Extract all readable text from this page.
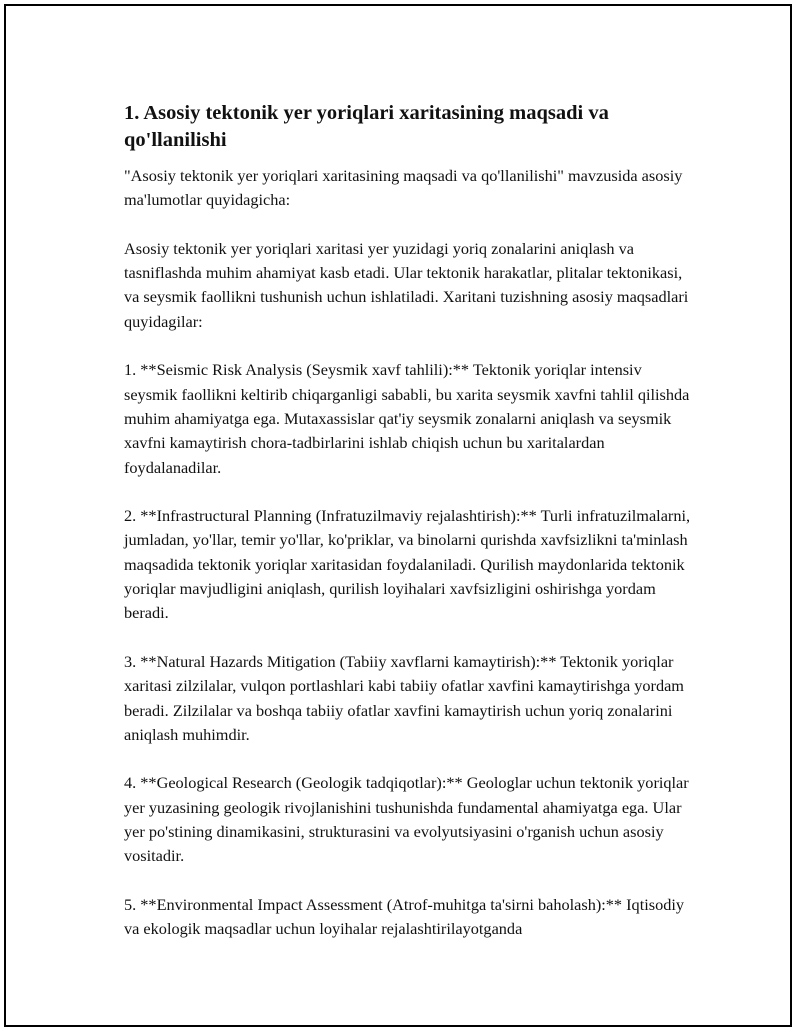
1. Asosiy tektonik yer yoriqlari xaritasining maqsadi va qo'llanilishi

"Asosiy tektonik yer yoriqlari xaritasining maqsadi va qo'llanilishi" mavzusida asosiy ma'lumotlar quyidagicha:

Asosiy tektonik yer yoriqlari xaritasi yer yuzidagi yoriq zonalarini aniqlash va tasniflashda muhim ahamiyat kasb etadi. Ular tektonik harakatlar, plitalar tektonikasi, va seysmik faollikni tushunish uchun ishlatiladi. Xaritani tuzishning asosiy maqsadlari quyidagilar:

1. **Seismic Risk Analysis (Seysmik xavf tahlili):** Tektonik yoriqlar intensiv seysmik faollikni keltirib chiqarganligi sababli, bu xarita seysmik xavfni tahlil qilishda muhim ahamiyatga ega. Mutaxassislar qat'iy seysmik zonalarni aniqlash va seysmik xavfni kamaytirish chora-tadbirlarini ishlab chiqish uchun bu xaritalardan foydalanadilar.

2. **Infrastructural Planning (Infratuzilmaviy rejalashtirish):** Turli infratuzilmalarni, jumladan, yo'llar, temir yo'llar, ko'priklar, va binolarni qurishda xavfsizlikni ta'minlash maqsadida tektonik yoriqlar xaritasidan foydalaniladi. Qurilish maydonlarida tektonik yoriqlar mavjudligini aniqlash, qurilish loyihalari xavfsizligini oshirishga yordam beradi.

3. **Natural Hazards Mitigation (Tabiiy xavflarni kamaytirish):** Tektonik yoriqlar xaritasi zilzilalar, vulqon portlashlari kabi tabiiy ofatlar xavfini kamaytirishga yordam beradi. Zilzilalar va boshqa tabiiy ofatlar xavfini kamaytirish uchun yoriq zonalarini aniqlash muhimdir.

4. **Geological Research (Geologik tadqiqotlar):** Geologlar uchun tektonik yoriqlar yer yuzasining geologik rivojlanishini tushunishda fundamental ahamiyatga ega. Ular yer po'stining dinamikasini, strukturasini va evolyutsiyasini o'rganish uchun asosiy vositadir.

5. **Environmental Impact Assessment (Atrof-muhitga ta'sirni baholash):** Iqtisodiy va ekologik maqsadlar uchun loyihalar rejalashtirilayotganda
